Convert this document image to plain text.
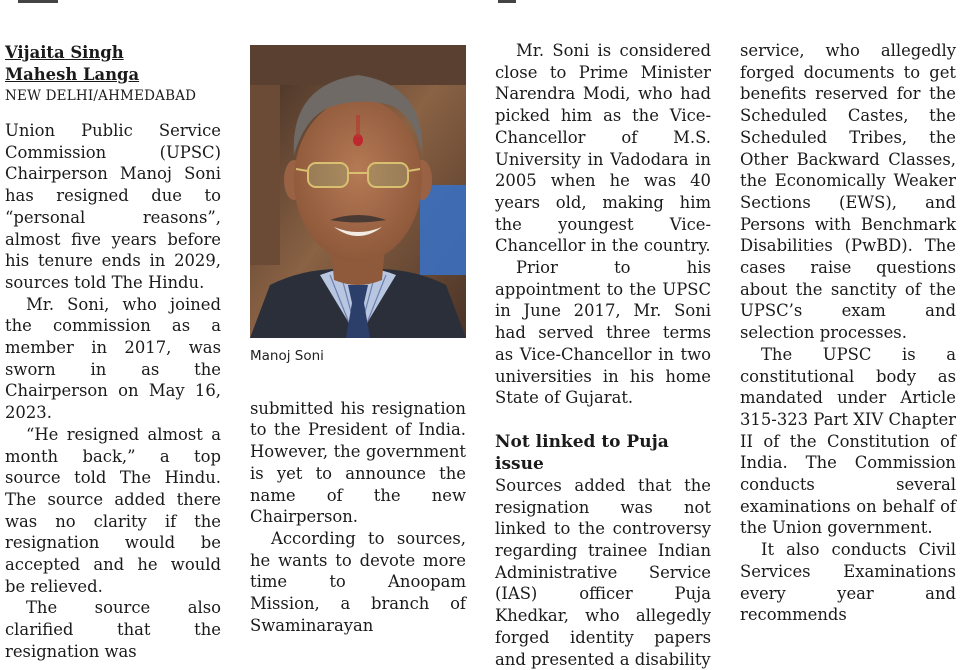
Vijaita Singh
Mahesh Langa
NEW DELHI/AHMEDABAD

Union Public Service Commission (UPSC) Chairperson Manoj Soni has resigned due to “personal reasons”, almost five years before his tenure ends in 2029, sources told The Hindu.

Mr. Soni, who joined the commission as a member in 2017, was sworn in as the Chairperson on May 16, 2023.

“He resigned almost a month back,” a top source told The Hindu. The source added there was no clarity if the resignation would be accepted and he would be relieved.

The source also clarified that the resignation was

Manoj Soni

submitted his resignation to the President of India. However, the government is yet to announce the name of the new Chairperson.

According to sources, he wants to devote more time to Anoopam Mission, a branch of Swaminarayan

Mr. Soni is considered close to Prime Minister Narendra Modi, who had picked him as the Vice-Chancellor of M.S. University in Vadodara in 2005 when he was 40 years old, making him the youngest Vice-Chancellor in the country.

Prior to his appointment to the UPSC in June 2017, Mr. Soni had served three terms as Vice-Chancellor in two universities in his home State of Gujarat.

Not linked to Puja issue

Sources added that the resignation was not linked to the controversy regarding trainee Indian Administrative Service (IAS) officer Puja Khedkar, who allegedly forged identity papers and presented a disability

service, who allegedly forged documents to get benefits reserved for the Scheduled Castes, the Scheduled Tribes, the Other Backward Classes, the Economically Weaker Sections (EWS), and Persons with Benchmark Disabilities (PwBD). The cases raise questions about the sanctity of the UPSC’s exam and selection processes.

The UPSC is a constitutional body as mandated under Article 315-323 Part XIV Chapter II of the Constitution of India. The Commission conducts several examinations on behalf of the Union government.

It also conducts Civil Services Examinations every year and recommends
